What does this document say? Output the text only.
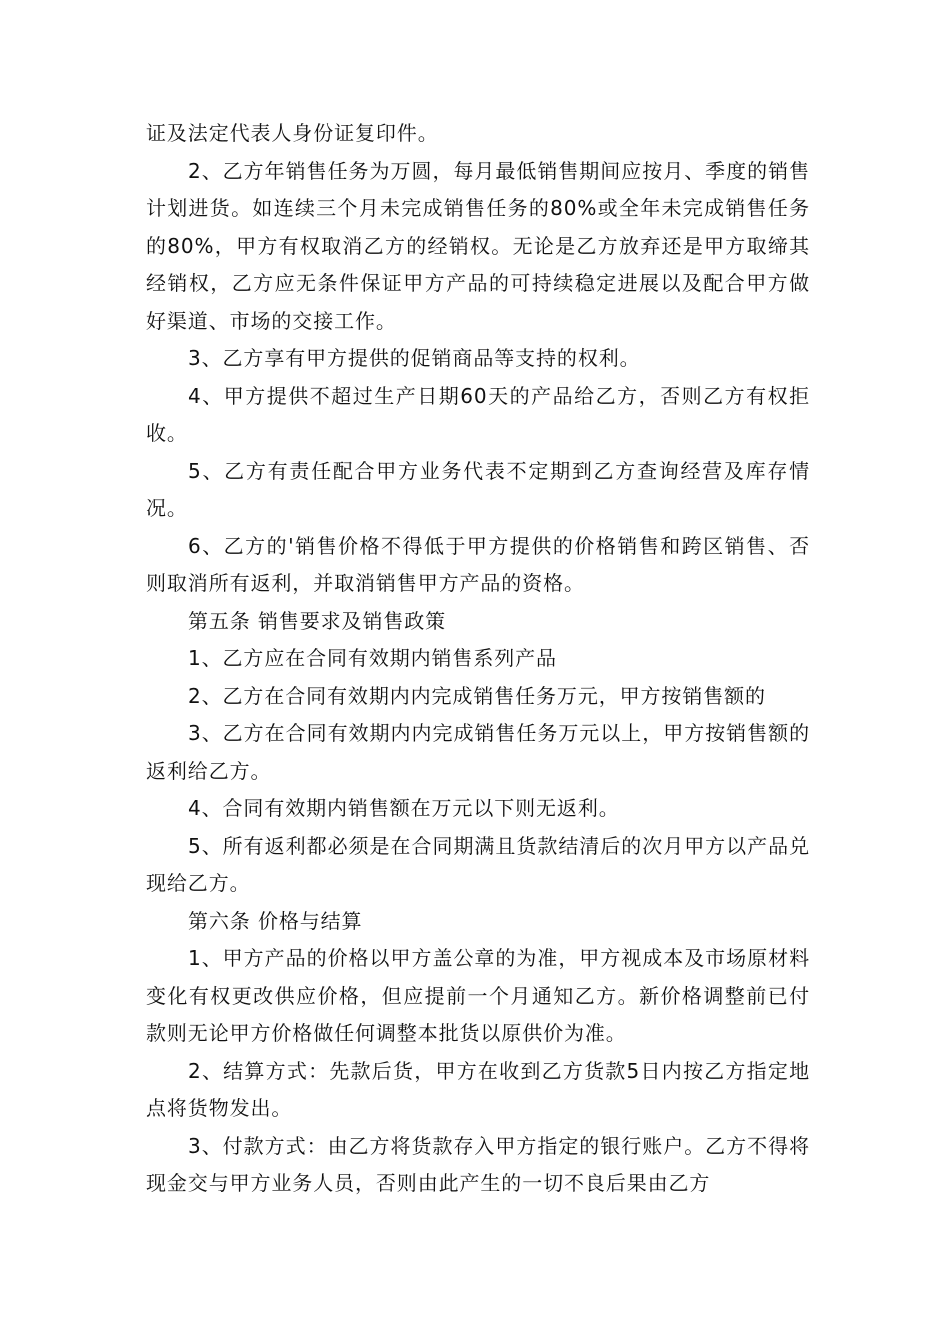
证及法定代表人身份证复印件。

2、乙方年销售任务为万圆，每月最低销售期间应按月、季度的销售计划进货。如连续三个月未完成销售任务的80%或全年未完成销售任务的80%，甲方有权取消乙方的经销权。无论是乙方放弃还是甲方取缔其经销权，乙方应无条件保证甲方产品的可持续稳定进展以及配合甲方做好渠道、市场的交接工作。

3、乙方享有甲方提供的促销商品等支持的权利。

4、甲方提供不超过生产日期60天的产品给乙方，否则乙方有权拒收。

5、乙方有责任配合甲方业务代表不定期到乙方查询经营及库存情况。

6、乙方的'销售价格不得低于甲方提供的价格销售和跨区销售、否则取消所有返利，并取消销售甲方产品的资格。

第五条 销售要求及销售政策

1、乙方应在合同有效期内销售系列产品

2、乙方在合同有效期内内完成销售任务万元，甲方按销售额的

3、乙方在合同有效期内内完成销售任务万元以上，甲方按销售额的 返利给乙方。

4、合同有效期内销售额在万元以下则无返利。

5、所有返利都必须是在合同期满且货款结清后的次月甲方以产品兑现给乙方。

第六条 价格与结算

1、甲方产品的价格以甲方盖公章的为准，甲方视成本及市场原材料变化有权更改供应价格，但应提前一个月通知乙方。新价格调整前已付款则无论甲方价格做任何调整本批货以原供价为准。

2、结算方式：先款后货，甲方在收到乙方货款5日内按乙方指定地点将货物发出。

3、付款方式：由乙方将货款存入甲方指定的银行账户。乙方不得将现金交与甲方业务人员，否则由此产生的一切不良后果由乙方
